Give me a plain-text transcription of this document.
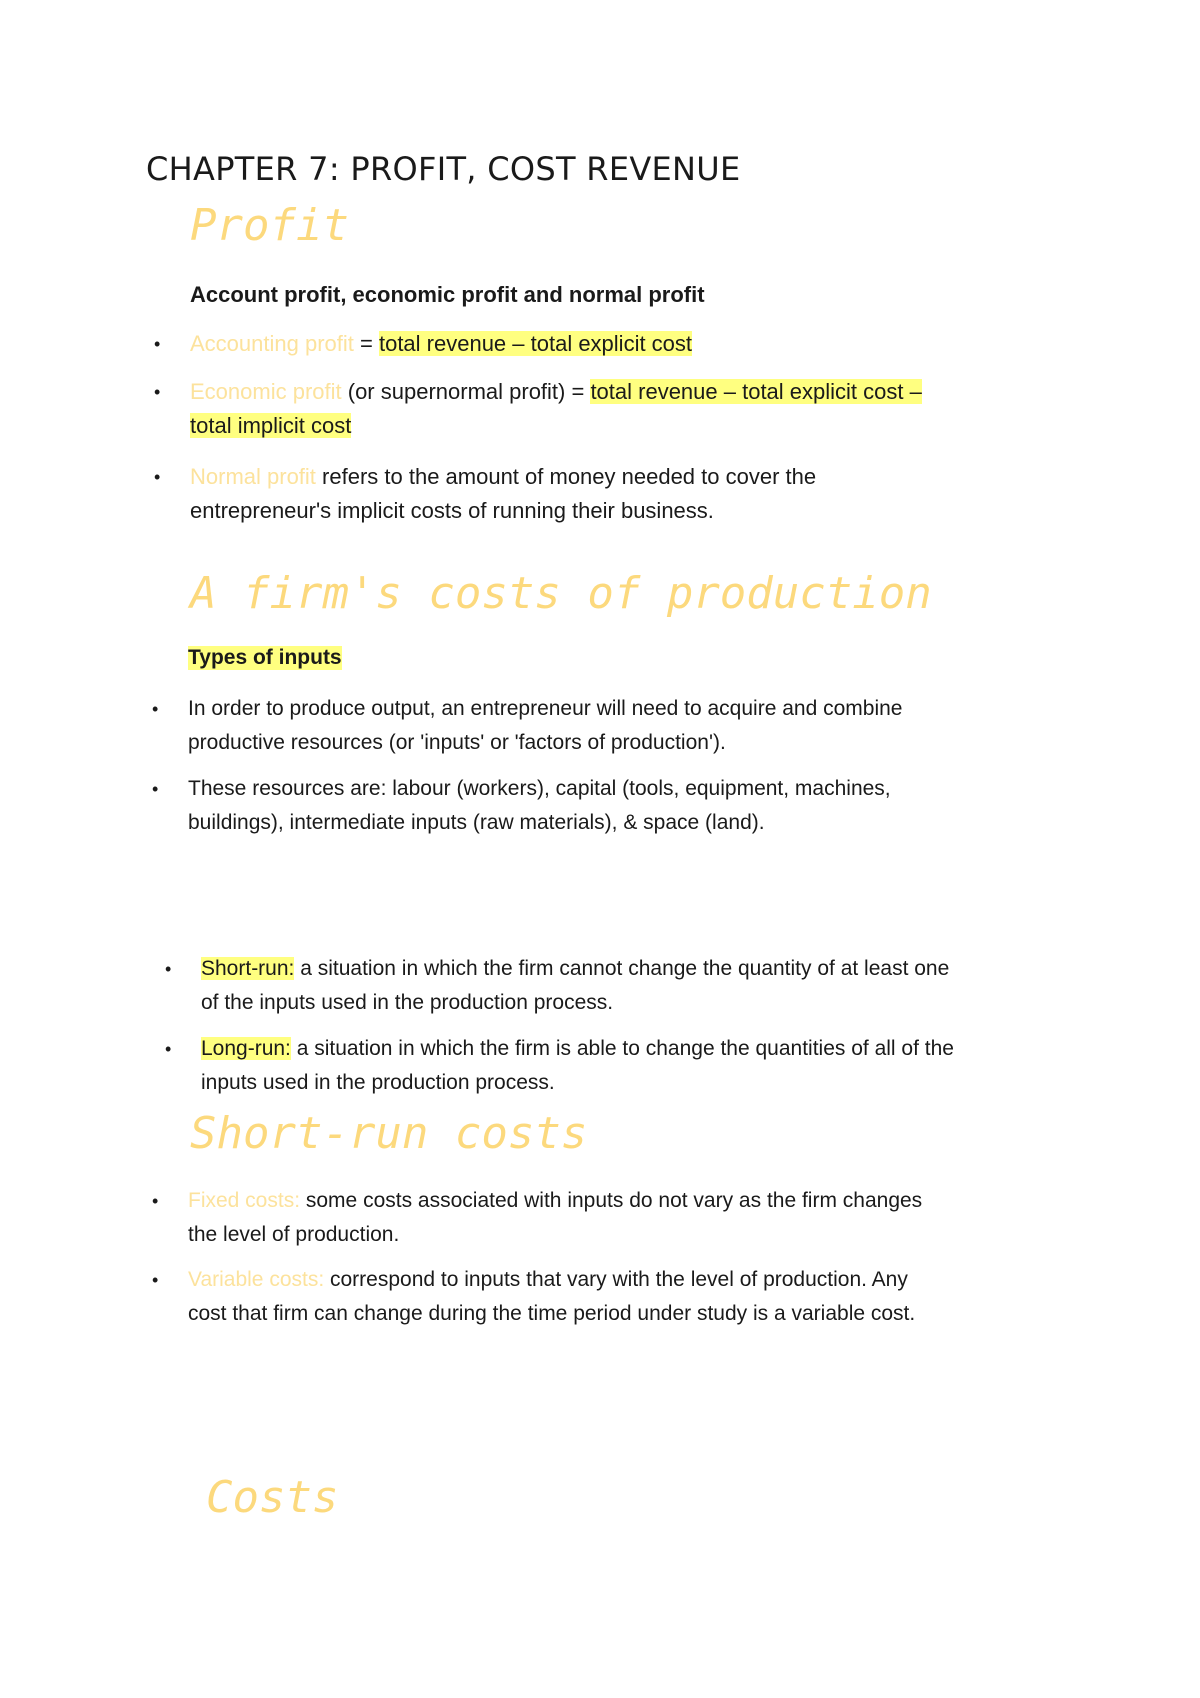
CHAPTER 7: PROFIT, COST REVENUE
Profit
Account profit, economic profit and normal profit
• Accounting profit = total revenue – total explicit cost
• Economic profit (or supernormal profit) = total revenue – total explicit cost –
total implicit cost
• Normal profit refers to the amount of money needed to cover the
entrepreneur's implicit costs of running their business.
A firm's costs of production
Types of inputs
• In order to produce output, an entrepreneur will need to acquire and combine
productive resources (or 'inputs' or 'factors of production').
• These resources are: labour (workers), capital (tools, equipment, machines,
buildings), intermediate inputs (raw materials), & space (land).
• Short-run: a situation in which the firm cannot change the quantity of at least one
of the inputs used in the production process.
• Long-run: a situation in which the firm is able to change the quantities of all of the
inputs used in the production process.
Short-run costs
• Fixed costs: some costs associated with inputs do not vary as the firm changes
the level of production.
• Variable costs: correspond to inputs that vary with the level of production. Any
cost that firm can change during the time period under study is a variable cost.
Costs
